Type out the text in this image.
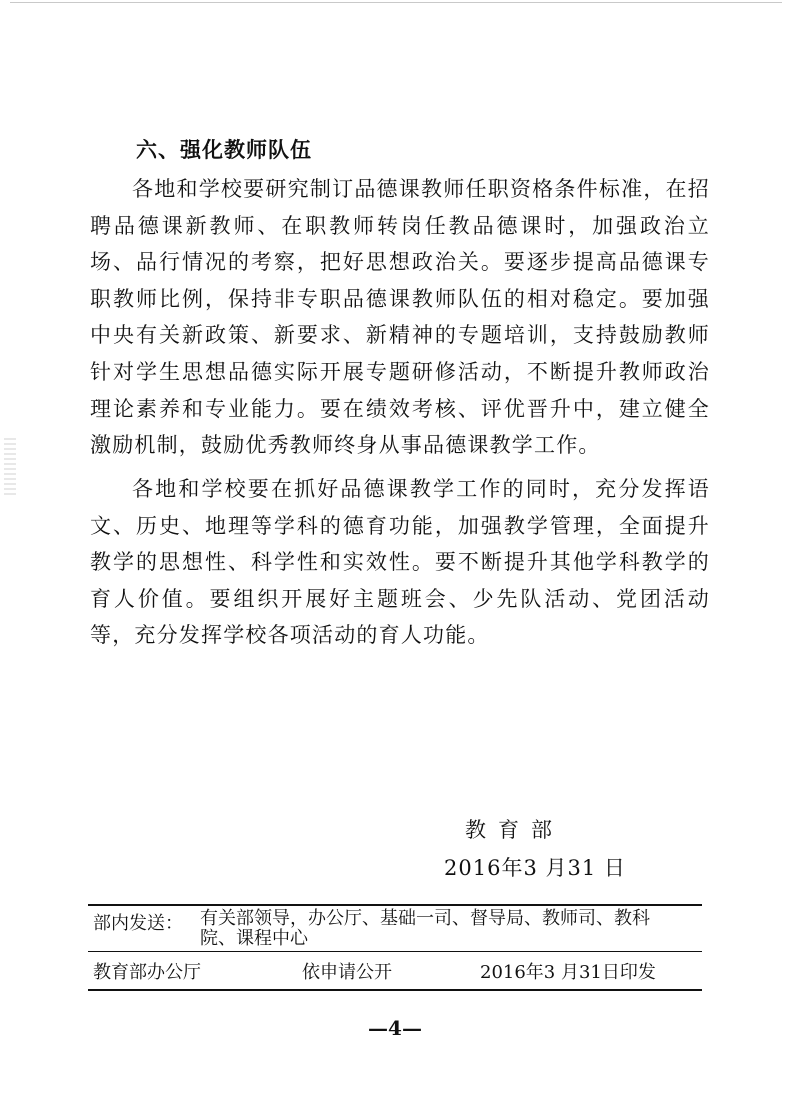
六、强化教师队伍

各地和学校要研究制订品德课教师任职资格条件标准，在招聘品德课新教师、在职教师转岗任教品德课时，加强政治立场、品行情况的考察，把好思想政治关。要逐步提高品德课专职教师比例，保持非专职品德课教师队伍的相对稳定。要加强中央有关新政策、新要求、新精神的专题培训，支持鼓励教师针对学生思想品德实际开展专题研修活动，不断提升教师政治理论素养和专业能力。要在绩效考核、评优晋升中，建立健全激励机制，鼓励优秀教师终身从事品德课教学工作。

各地和学校要在抓好品德课教学工作的同时，充分发挥语文、历史、地理等学科的德育功能，加强教学管理，全面提升教学的思想性、科学性和实效性。要不断提升其他学科教学的育人价值。要组织开展好主题班会、少先队活动、党团活动等，充分发挥学校各项活动的育人功能。

教育部
2016年3 月31 日
部内发送： 有关部领导，办公厅、基础一司、督导局、教师司、教科院、课程中心
教育部办公厅	依申请公开	2016年3 月31日印发
—4—
